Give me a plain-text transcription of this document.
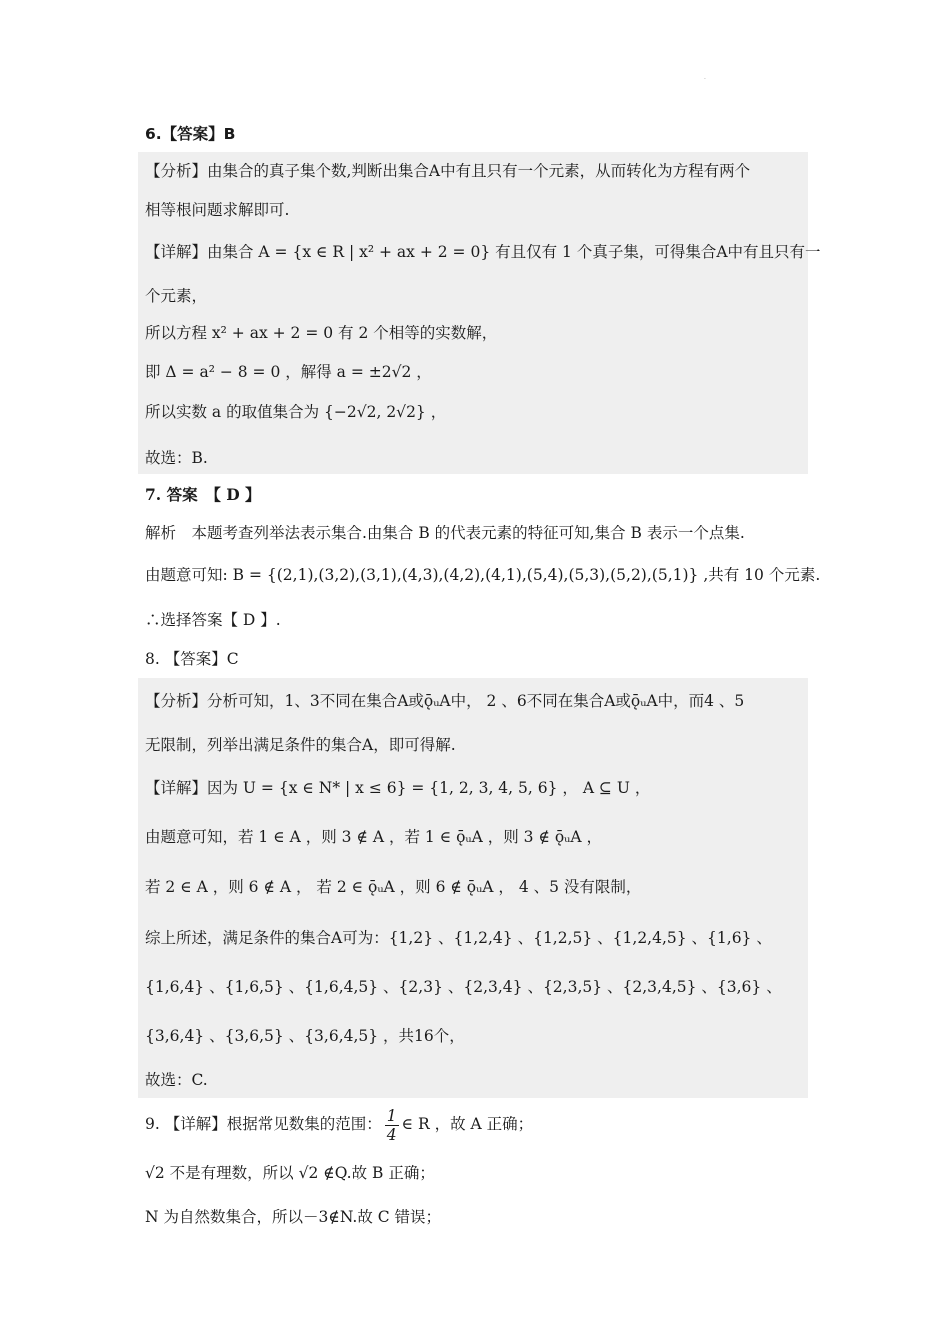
·
6.【答案】B
【分析】由集合的真子集个数,判断出集合A中有且只有一个元素，从而转化为方程有两个
相等根问题求解即可.
【详解】由集合 A = {x ∈ R | x² + ax + 2 = 0} 有且仅有 1 个真子集，可得集合A中有且只有一
个元素，
所以方程 x² + ax + 2 = 0 有 2 个相等的实数解，
即 Δ = a² − 8 = 0 ，解得 a = ±2√2 ，
所以实数 a 的取值集合为 {−2√2, 2√2} ，
故选：B.
7. 答案　【 D 】
解析　本题考查列举法表示集合.由集合 B 的代表元素的特征可知,集合 B 表示一个点集.
由题意可知: B = {(2,1),(3,2),(3,1),(4,3),(4,2),(4,1),(5,4),(5,3),(5,2),(5,1)} ,共有 10 个元素.
∴选择答案【 D 】.
8. 【答案】C
【分析】分析可知，1、3不同在集合A或ǭᵤA中， 2 、6不同在集合A或ǭᵤA中，而4 、5
无限制，列举出满足条件的集合A，即可得解.
【详解】因为 U = {x ∈ N* | x ≤ 6} = {1, 2, 3, 4, 5, 6} ， A ⊆ U ，
由题意可知，若 1 ∈ A ，则 3 ∉ A ，若 1 ∈ ǭᵤA ，则 3 ∉ ǭᵤA ，
若 2 ∈ A ，则 6 ∉ A ， 若 2 ∈ ǭᵤA ，则 6 ∉ ǭᵤA ， 4 、5 没有限制，
综上所述，满足条件的集合A可为：{1,2} 、{1,2,4} 、{1,2,5} 、{1,2,4,5} 、{1,6} 、
{1,6,4} 、{1,6,5} 、{1,6,4,5} 、{2,3} 、{2,3,4} 、{2,3,5} 、{2,3,4,5} 、{3,6} 、
{3,6,4} 、{3,6,5} 、{3,6,4,5} ，共16个，
故选：C.
9. 【详解】根据常见数集的范围： $\frac{1}{4}$ ∈ R ，故 A 正确；
√2 不是有理数，所以 √2 ∉Q.故 B 正确；
N 为自然数集合，所以－3∉N.故 C 错误；
